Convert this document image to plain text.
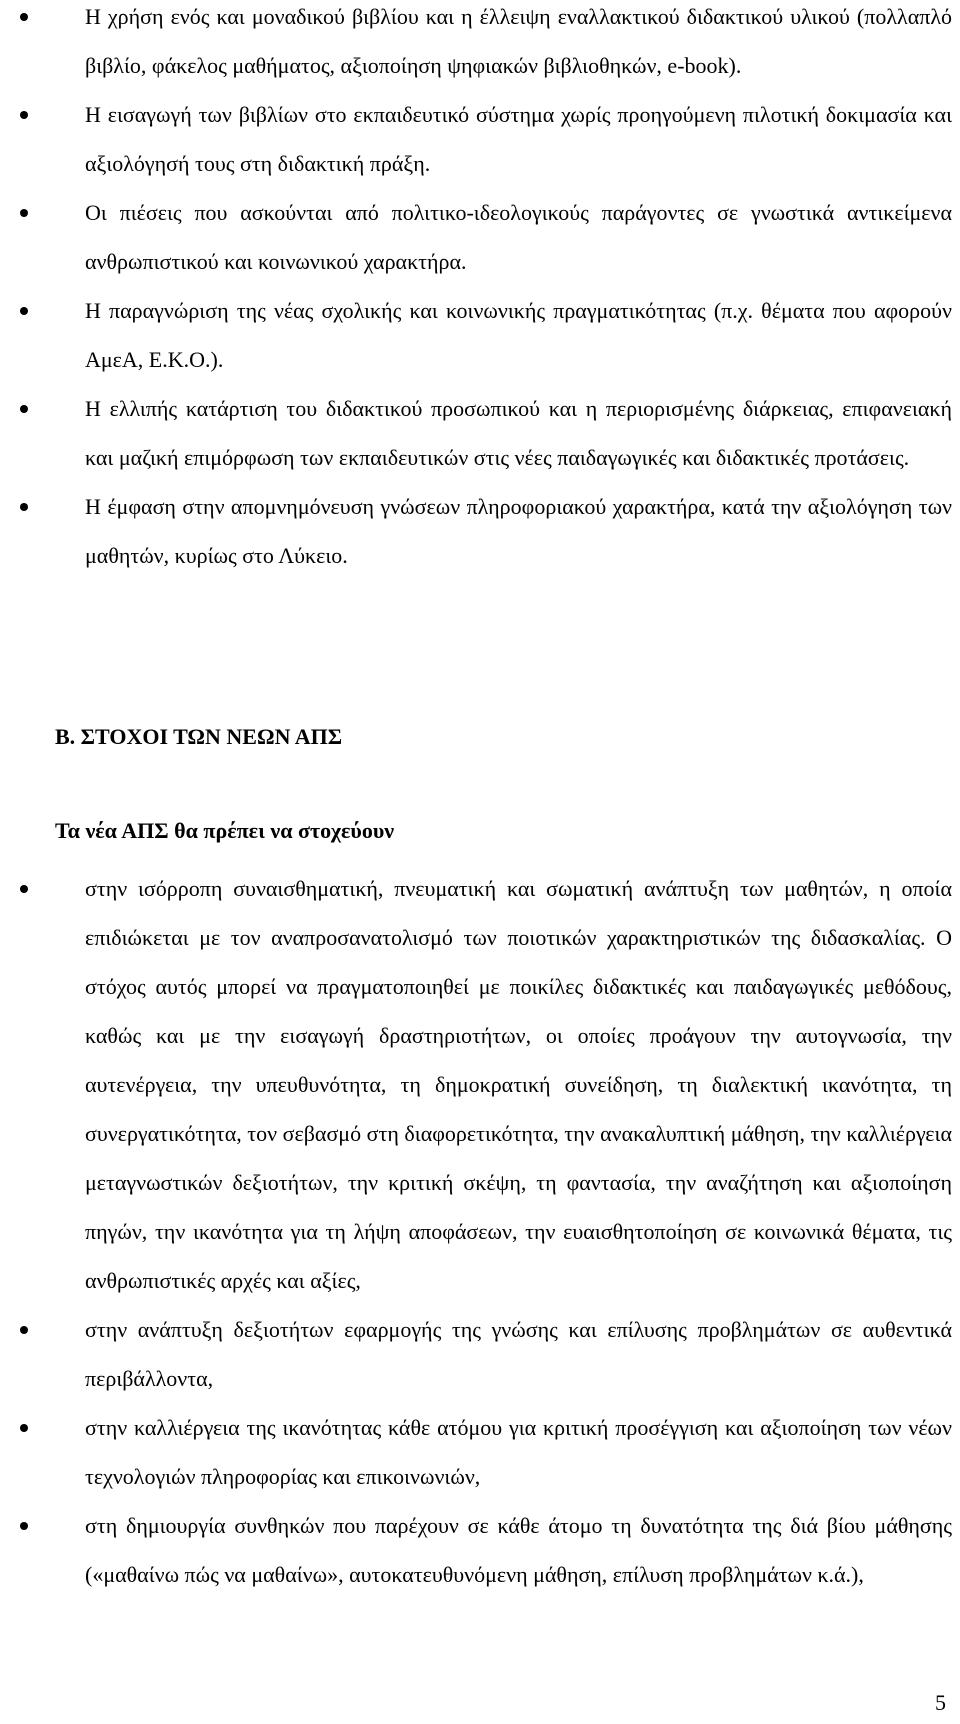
Η χρήση ενός και μοναδικού βιβλίου και η έλλειψη εναλλακτικού διδακτικού υλικού (πολλαπλό βιβλίο, φάκελος μαθήματος, αξιοποίηση ψηφιακών βιβλιοθηκών, e-book).
Η εισαγωγή των βιβλίων στο εκπαιδευτικό σύστημα χωρίς προηγούμενη πιλοτική δοκιμασία και αξιολόγησή τους στη διδακτική πράξη.
Οι πιέσεις που ασκούνται από πολιτικο-ιδεολογικούς παράγοντες σε γνωστικά αντικείμενα ανθρωπιστικού και κοινωνικού χαρακτήρα.
Η παραγνώριση της νέας σχολικής και κοινωνικής πραγματικότητας (π.χ. θέματα που αφορούν ΑμεΑ, Ε.Κ.Ο.).
Η ελλιπής κατάρτιση του διδακτικού προσωπικού και η περιορισμένης διάρκειας, επιφανειακή και μαζική επιμόρφωση των εκπαιδευτικών στις νέες παιδαγωγικές και διδακτικές προτάσεις.
Η έμφαση στην απομνημόνευση γνώσεων πληροφοριακού χαρακτήρα, κατά την αξιολόγηση των μαθητών, κυρίως στο Λύκειο.
Β. ΣΤΟΧΟΙ ΤΩΝ ΝΕΩΝ ΑΠΣ
Τα νέα ΑΠΣ θα πρέπει να στοχεύουν
στην ισόρροπη συναισθηματική, πνευματική και σωματική ανάπτυξη των μαθητών, η οποία επιδιώκεται με τον αναπροσανατολισμό των ποιοτικών χαρακτηριστικών της διδασκαλίας. Ο στόχος αυτός μπορεί να πραγματοποιηθεί με ποικίλες διδακτικές και παιδαγωγικές μεθόδους, καθώς και με την εισαγωγή δραστηριοτήτων, οι οποίες προάγουν την αυτογνωσία, την αυτενέργεια, την υπευθυνότητα, τη δημοκρατική συνείδηση, τη διαλεκτική ικανότητα, τη συνεργατικότητα, τον σεβασμό στη διαφορετικότητα, την ανακαλυπτική μάθηση, την καλλιέργεια μεταγνωστικών δεξιοτήτων, την κριτική σκέψη, τη φαντασία, την αναζήτηση και αξιοποίηση πηγών, την ικανότητα για τη λήψη αποφάσεων, την ευαισθητοποίηση σε κοινωνικά θέματα, τις ανθρωπιστικές αρχές και αξίες,
στην ανάπτυξη δεξιοτήτων εφαρμογής της γνώσης και επίλυσης προβλημάτων σε αυθεντικά περιβάλλοντα,
στην καλλιέργεια της ικανότητας κάθε ατόμου για κριτική προσέγγιση και αξιοποίηση των νέων τεχνολογιών πληροφορίας και επικοινωνιών,
στη δημιουργία συνθηκών που παρέχουν σε κάθε άτομο τη δυνατότητα της διά βίου μάθησης («μαθαίνω πώς να μαθαίνω», αυτοκατευθυνόμενη μάθηση, επίλυση προβλημάτων κ.ά.),
5
